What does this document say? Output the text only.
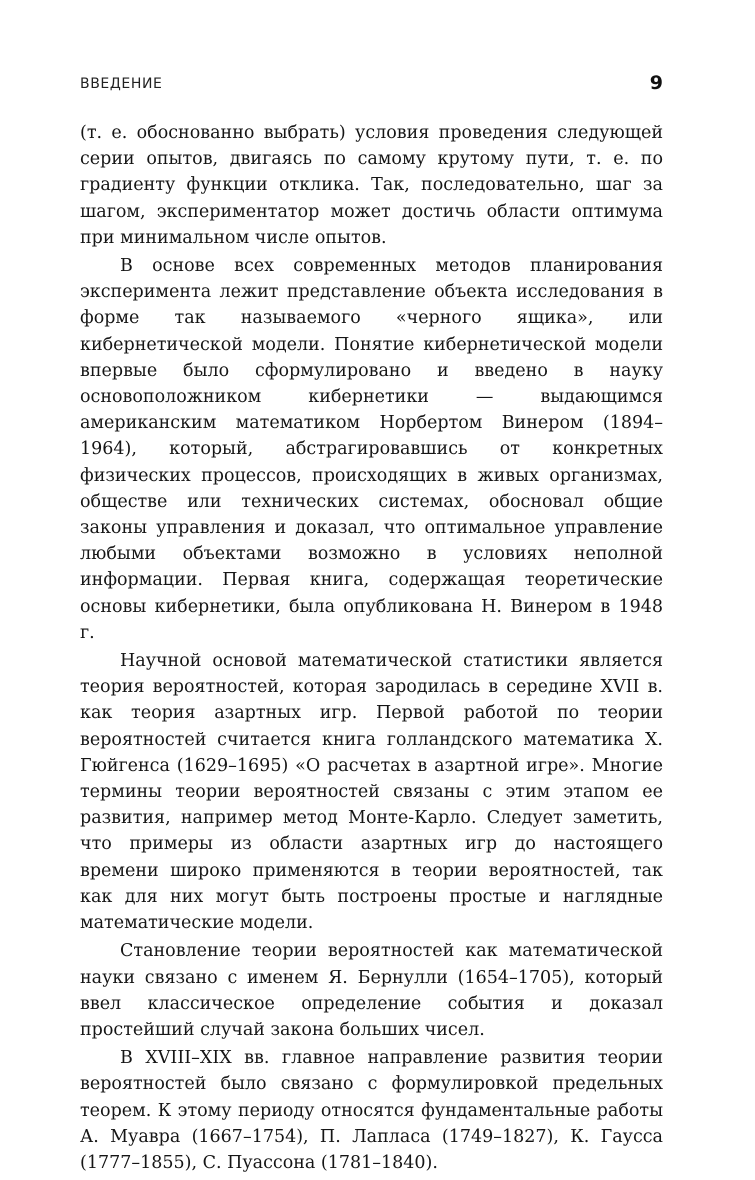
ВВЕДЕНИЕ	9

(т. е. обоснованно выбрать) условия проведения следующей серии опытов, двигаясь по самому крутому пути, т. е. по градиенту функции отклика. Так, последовательно, шаг за шагом, экспериментатор может достичь области оптимума при минимальном числе опытов.

В основе всех современных методов планирования эксперимента лежит представление объекта исследования в форме так называемого «черного ящика», или кибернетической модели. Понятие кибернетической модели впервые было сформулировано и введено в науку основоположником кибернетики — выдающимся американским математиком Норбертом Винером (1894–1964), который, абстрагировавшись от конкретных физических процессов, происходящих в живых организмах, обществе или технических системах, обосновал общие законы управления и доказал, что оптимальное управление любыми объектами возможно в условиях неполной информации. Первая книга, содержащая теоретические основы кибернетики, была опубликована Н. Винером в 1948 г.

Научной основой математической статистики является теория вероятностей, которая зародилась в середине XVII в. как теория азартных игр. Первой работой по теории вероятностей считается книга голландского математика Х. Гюйгенса (1629–1695) «О расчетах в азартной игре». Многие термины теории вероятностей связаны с этим этапом ее развития, например метод Монте-Карло. Следует заметить, что примеры из области азартных игр до настоящего времени широко применяются в теории вероятностей, так как для них могут быть построены простые и наглядные математические модели.

Становление теории вероятностей как математической науки связано с именем Я. Бернулли (1654–1705), который ввел классическое определение события и доказал простейший случай закона больших чисел.

В XVIII–XIX вв. главное направление развития теории вероятностей было связано с формулировкой предельных теорем. К этому периоду относятся фундаментальные работы А. Муавра (1667–1754), П. Лапласа (1749–1827), К. Гаусса (1777–1855), С. Пуассона (1781–1840).
